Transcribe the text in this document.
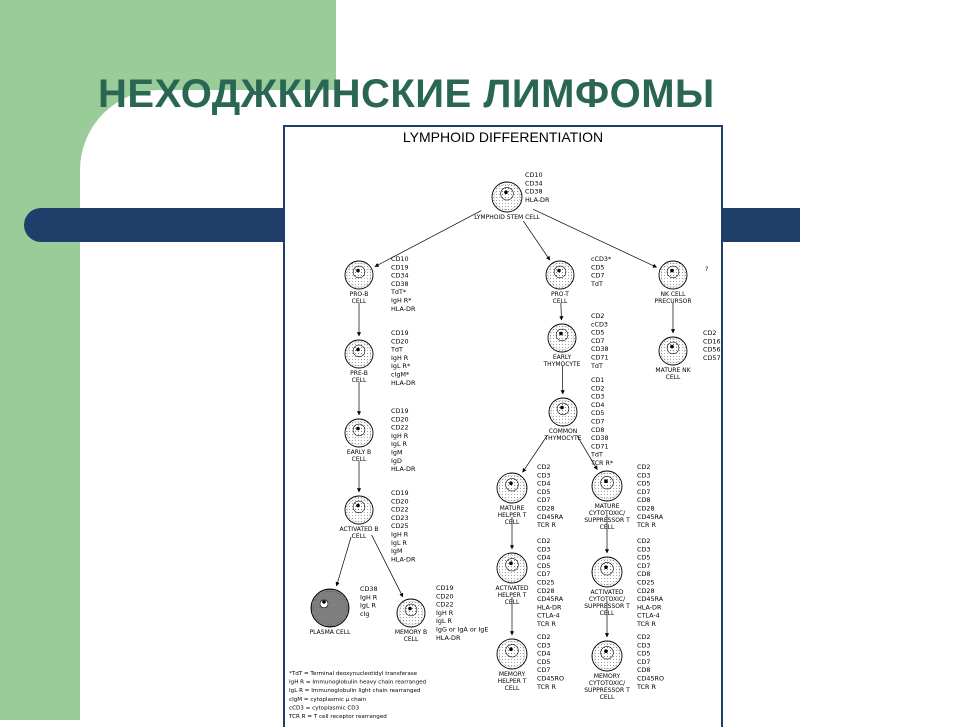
НЕХОДЖКИНСКИЕ ЛИМФОМЫ
LYMPHOID STEM CELL
CD10
CD34
CD38
HLA-DR
PRO-B
CELL
CD10
CD19
CD34
CD38
TdT*
IgH R*
HLA-DR
PRE-B
CELL
CD19
CD20
TdT
IgH R
IgL R*
cIgM*
HLA-DR
EARLY B
CELL
CD19
CD20
CD22
IgH R
IgL R
IgM
IgD
HLA-DR
ACTIVATED B
CELL
CD19
CD20
CD22
CD23
CD25
IgH R
IgL R
IgM
HLA-DR
PLASMA CELL
CD38
IgH R
IgL R
cIg
MEMORY B
CELL
CD19
CD20
CD22
IgH R
IgL R
IgG or IgA or IgE
HLA-DR
PRO-T
CELL
cCD3*
CD5
CD7
TdT
EARLY
THYMOCYTE
CD2
cCD3
CD5
CD7
CD38
CD71
TdT
COMMON
THYMOCYTE
CD1
CD2
CD3
CD4
CD5
CD7
CD8
CD38
CD71
TdT
TCR R*
NK CELL
PRECURSOR
?
MATURE NK
CELL
CD2
CD16
CD56
CD57
MATURE
HELPER T
CELL
CD2
CD3
CD4
CD5
CD7
CD28
CD45RA
TCR R
MATURE
CYTOTOXIC/
SUPPRESSOR T
CELL
CD2
CD3
CD5
CD7
CD8
CD28
CD45RA
TCR R
ACTIVATED
HELPER T
CELL
CD2
CD3
CD4
CD5
CD7
CD25
CD28
CD45RA
HLA-DR
CTLA-4
TCR R
ACTIVATED
CYTOTOXIC/
SUPPRESSOR T
CELL
CD2
CD3
CD5
CD7
CD8
CD25
CD28
CD45RA
HLA-DR
CTLA-4
TCR R
MEMORY
HELPER T
CELL
CD2
CD3
CD4
CD5
CD7
CD45RO
TCR R
MEMORY
CYTOTOXIC/
SUPPRESSOR T
CELL
CD2
CD3
CD5
CD7
CD8
CD45RO
TCR R
*TdT = Terminal deoxynucleotidyl transferase
IgH R = Immunoglobulin heavy chain rearranged
IgL R = Immunoglobulin light chain rearranged
cIgM = cytoplasmic μ chain
cCD3 = cytoplasmic CD3
TCR R = T cell receptor rearranged
LYMPHOID DIFFERENTIATION
